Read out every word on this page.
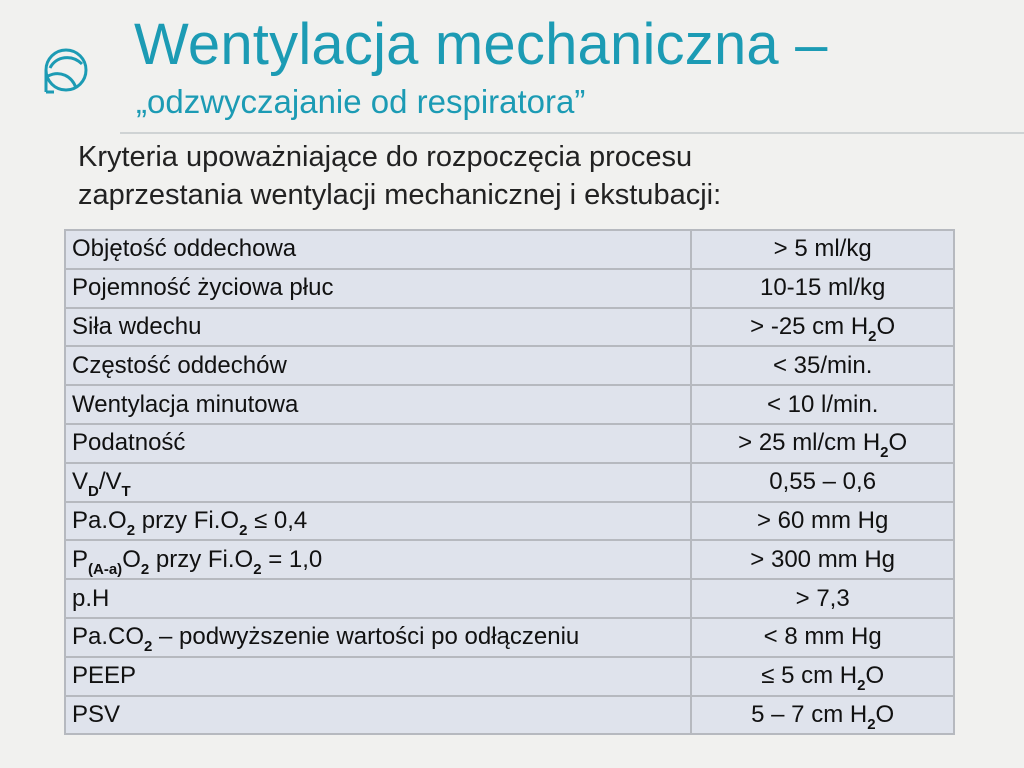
Wentylacja mechaniczna –
„odzwyczajanie od respiratora”
Kryteria upoważniające do rozpoczęcia procesu
zaprzestania wentylacji mechanicznej i ekstubacji:
Objętość oddechowa	> 5 ml/kg
Pojemność życiowa płuc	10-15 ml/kg
Siła wdechu	> -25 cm $H_2O$
Częstość oddechów	< 35/min.
Wentylacja minutowa	< 10 l/min.
Podatność	> 25 ml/cm $H_2O$
$V_D/V_T$	0,55 – 0,6
$Pa.O_2$ przy $Fi.O_2 \le 0,4$	> 60 mm Hg
$P_{(A-a)}O_2$ przy $Fi.O_2 = 1,0$	> 300 mm Hg
p.H	> 7,3
$Pa.CO_2$ – podwyższenie wartości po odłączeniu	< 8 mm Hg
PEEP	≤ 5 cm $H_2O$
PSV	5 – 7 cm $H_2O$
